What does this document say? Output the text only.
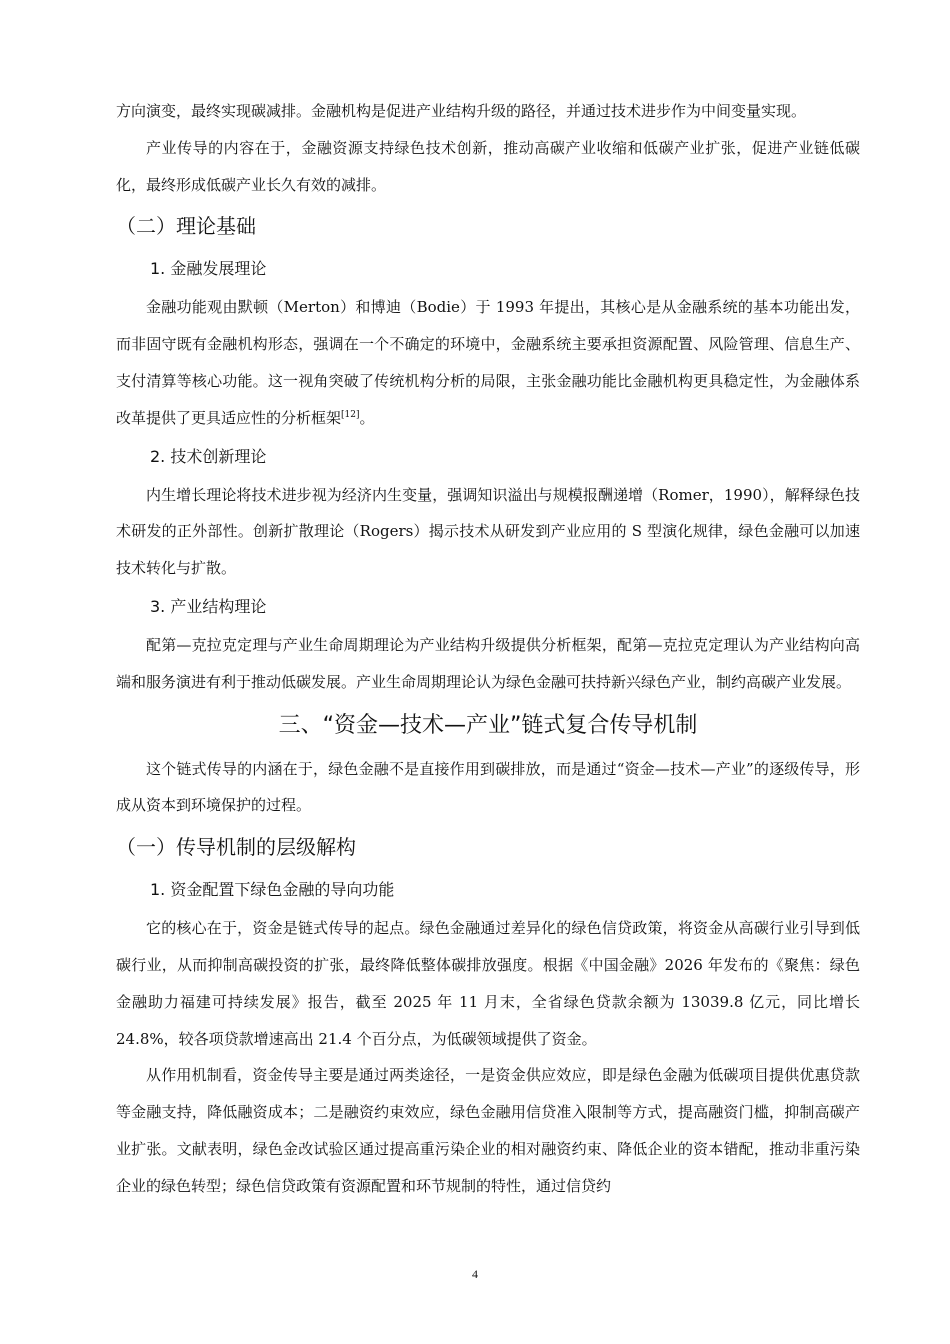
方向演变，最终实现碳减排。金融机构是促进产业结构升级的路径，并通过技术进步作为中间变量实现。

产业传导的内容在于，金融资源支持绿色技术创新，推动高碳产业收缩和低碳产业扩张，促进产业链低碳化，最终形成低碳产业长久有效的减排。

（二）理论基础
1. 金融发展理论

金融功能观由默顿（Merton）和博迪（Bodie）于 1993 年提出，其核心是从金融系统的基本功能出发，而非固守既有金融机构形态，强调在一个不确定的环境中，金融系统主要承担资源配置、风险管理、信息生产、支付清算等核心功能。这一视角突破了传统机构分析的局限，主张金融功能比金融机构更具稳定性，为金融体系改革提供了更具适应性的分析框架[12]。

2. 技术创新理论

内生增长理论将技术进步视为经济内生变量，强调知识溢出与规模报酬递增（Romer，1990），解释绿色技术研发的正外部性。创新扩散理论（Rogers）揭示技术从研发到产业应用的 S 型演化规律，绿色金融可以加速技术转化与扩散。

3. 产业结构理论

配第—克拉克定理与产业生命周期理论为产业结构升级提供分析框架，配第—克拉克定理认为产业结构向高端和服务演进有利于推动低碳发展。产业生命周期理论认为绿色金融可扶持新兴绿色产业，制约高碳产业发展。

三、“资金—技术—产业”链式复合传导机制

这个链式传导的内涵在于，绿色金融不是直接作用到碳排放，而是通过“资金—技术—产业”的逐级传导，形成从资本到环境保护的过程。

（一）传导机制的层级解构
1. 资金配置下绿色金融的导向功能

它的核心在于，资金是链式传导的起点。绿色金融通过差异化的绿色信贷政策，将资金从高碳行业引导到低碳行业，从而抑制高碳投资的扩张，最终降低整体碳排放强度。根据《中国金融》2026 年发布的《聚焦：绿色金融助力福建可持续发展》报告，截至 2025 年 11 月末，全省绿色贷款余额为 13039.8 亿元，同比增长 24.8%，较各项贷款增速高出 21.4 个百分点，为低碳领域提供了资金。

从作用机制看，资金传导主要是通过两类途径，一是资金供应效应，即是绿色金融为低碳项目提供优惠贷款等金融支持，降低融资成本；二是融资约束效应，绿色金融用信贷准入限制等方式，提高融资门槛，抑制高碳产业扩张。文献表明，绿色金改试验区通过提高重污染企业的相对融资约束、降低企业的资本错配，推动非重污染企业的绿色转型；绿色信贷政策有资源配置和环节规制的特性，通过信贷约

4
